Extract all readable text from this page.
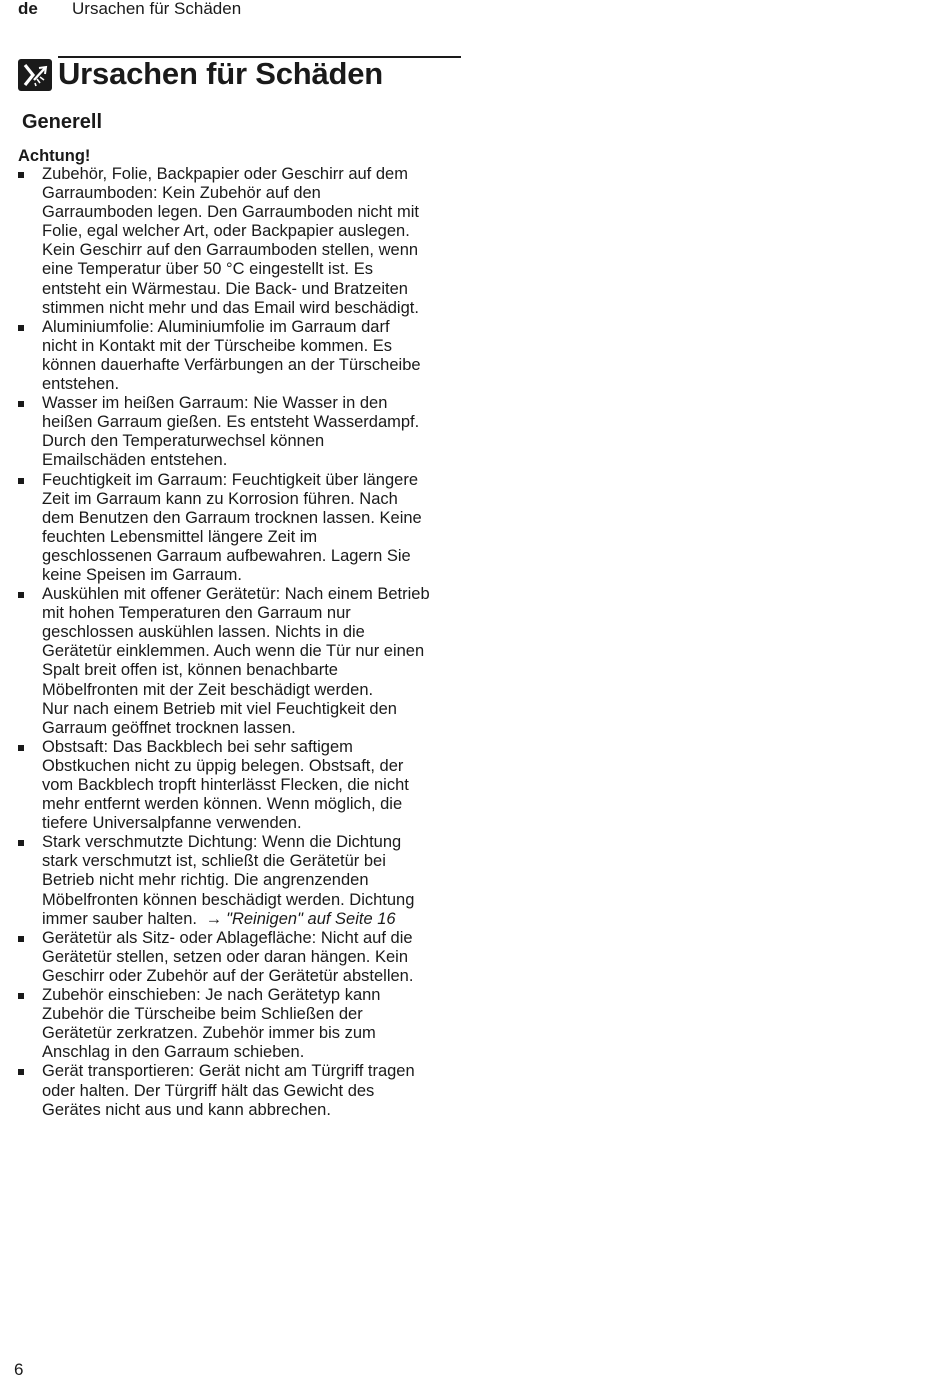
de Ursachen für Schäden
Ursachen für Schäden
Generell
Achtung!
Zubehör, Folie, Backpapier oder Geschirr auf dem
Garraumboden: Kein Zubehör auf den
Garraumboden legen. Den Garraumboden nicht mit
Folie, egal welcher Art, oder Backpapier auslegen.
Kein Geschirr auf den Garraumboden stellen, wenn
eine Temperatur über 50 °C eingestellt ist. Es
entsteht ein Wärmestau. Die Back- und Bratzeiten
stimmen nicht mehr und das Email wird beschädigt.
Aluminiumfolie: Aluminiumfolie im Garraum darf
nicht in Kontakt mit der Türscheibe kommen. Es
können dauerhafte Verfärbungen an der Türscheibe
entstehen.
Wasser im heißen Garraum: Nie Wasser in den
heißen Garraum gießen. Es entsteht Wasserdampf.
Durch den Temperaturwechsel können
Emailschäden entstehen.
Feuchtigkeit im Garraum: Feuchtigkeit über längere
Zeit im Garraum kann zu Korrosion führen. Nach
dem Benutzen den Garraum trocknen lassen. Keine
feuchten Lebensmittel längere Zeit im
geschlossenen Garraum aufbewahren. Lagern Sie
keine Speisen im Garraum.
Auskühlen mit offener Gerätetür: Nach einem Betrieb
mit hohen Temperaturen den Garraum nur
geschlossen auskühlen lassen. Nichts in die
Gerätetür einklemmen. Auch wenn die Tür nur einen
Spalt breit offen ist, können benachbarte
Möbelfronten mit der Zeit beschädigt werden.
Nur nach einem Betrieb mit viel Feuchtigkeit den
Garraum geöffnet trocknen lassen.
Obstsaft: Das Backblech bei sehr saftigem
Obstkuchen nicht zu üppig belegen. Obstsaft, der
vom Backblech tropft hinterlässt Flecken, die nicht
mehr entfernt werden können. Wenn möglich, die
tiefere Universalpfanne verwenden.
Stark verschmutzte Dichtung: Wenn die Dichtung
stark verschmutzt ist, schließt die Gerätetür bei
Betrieb nicht mehr richtig. Die angrenzenden
Möbelfronten können beschädigt werden. Dichtung
immer sauber halten. → "Reinigen" auf Seite 16
Gerätetür als Sitz- oder Ablagefläche: Nicht auf die
Gerätetür stellen, setzen oder daran hängen. Kein
Geschirr oder Zubehör auf der Gerätetür abstellen.
Zubehör einschieben: Je nach Gerätetyp kann
Zubehör die Türscheibe beim Schließen der
Gerätetür zerkratzen. Zubehör immer bis zum
Anschlag in den Garraum schieben.
Gerät transportieren: Gerät nicht am Türgriff tragen
oder halten. Der Türgriff hält das Gewicht des
Gerätes nicht aus und kann abbrechen.
6
